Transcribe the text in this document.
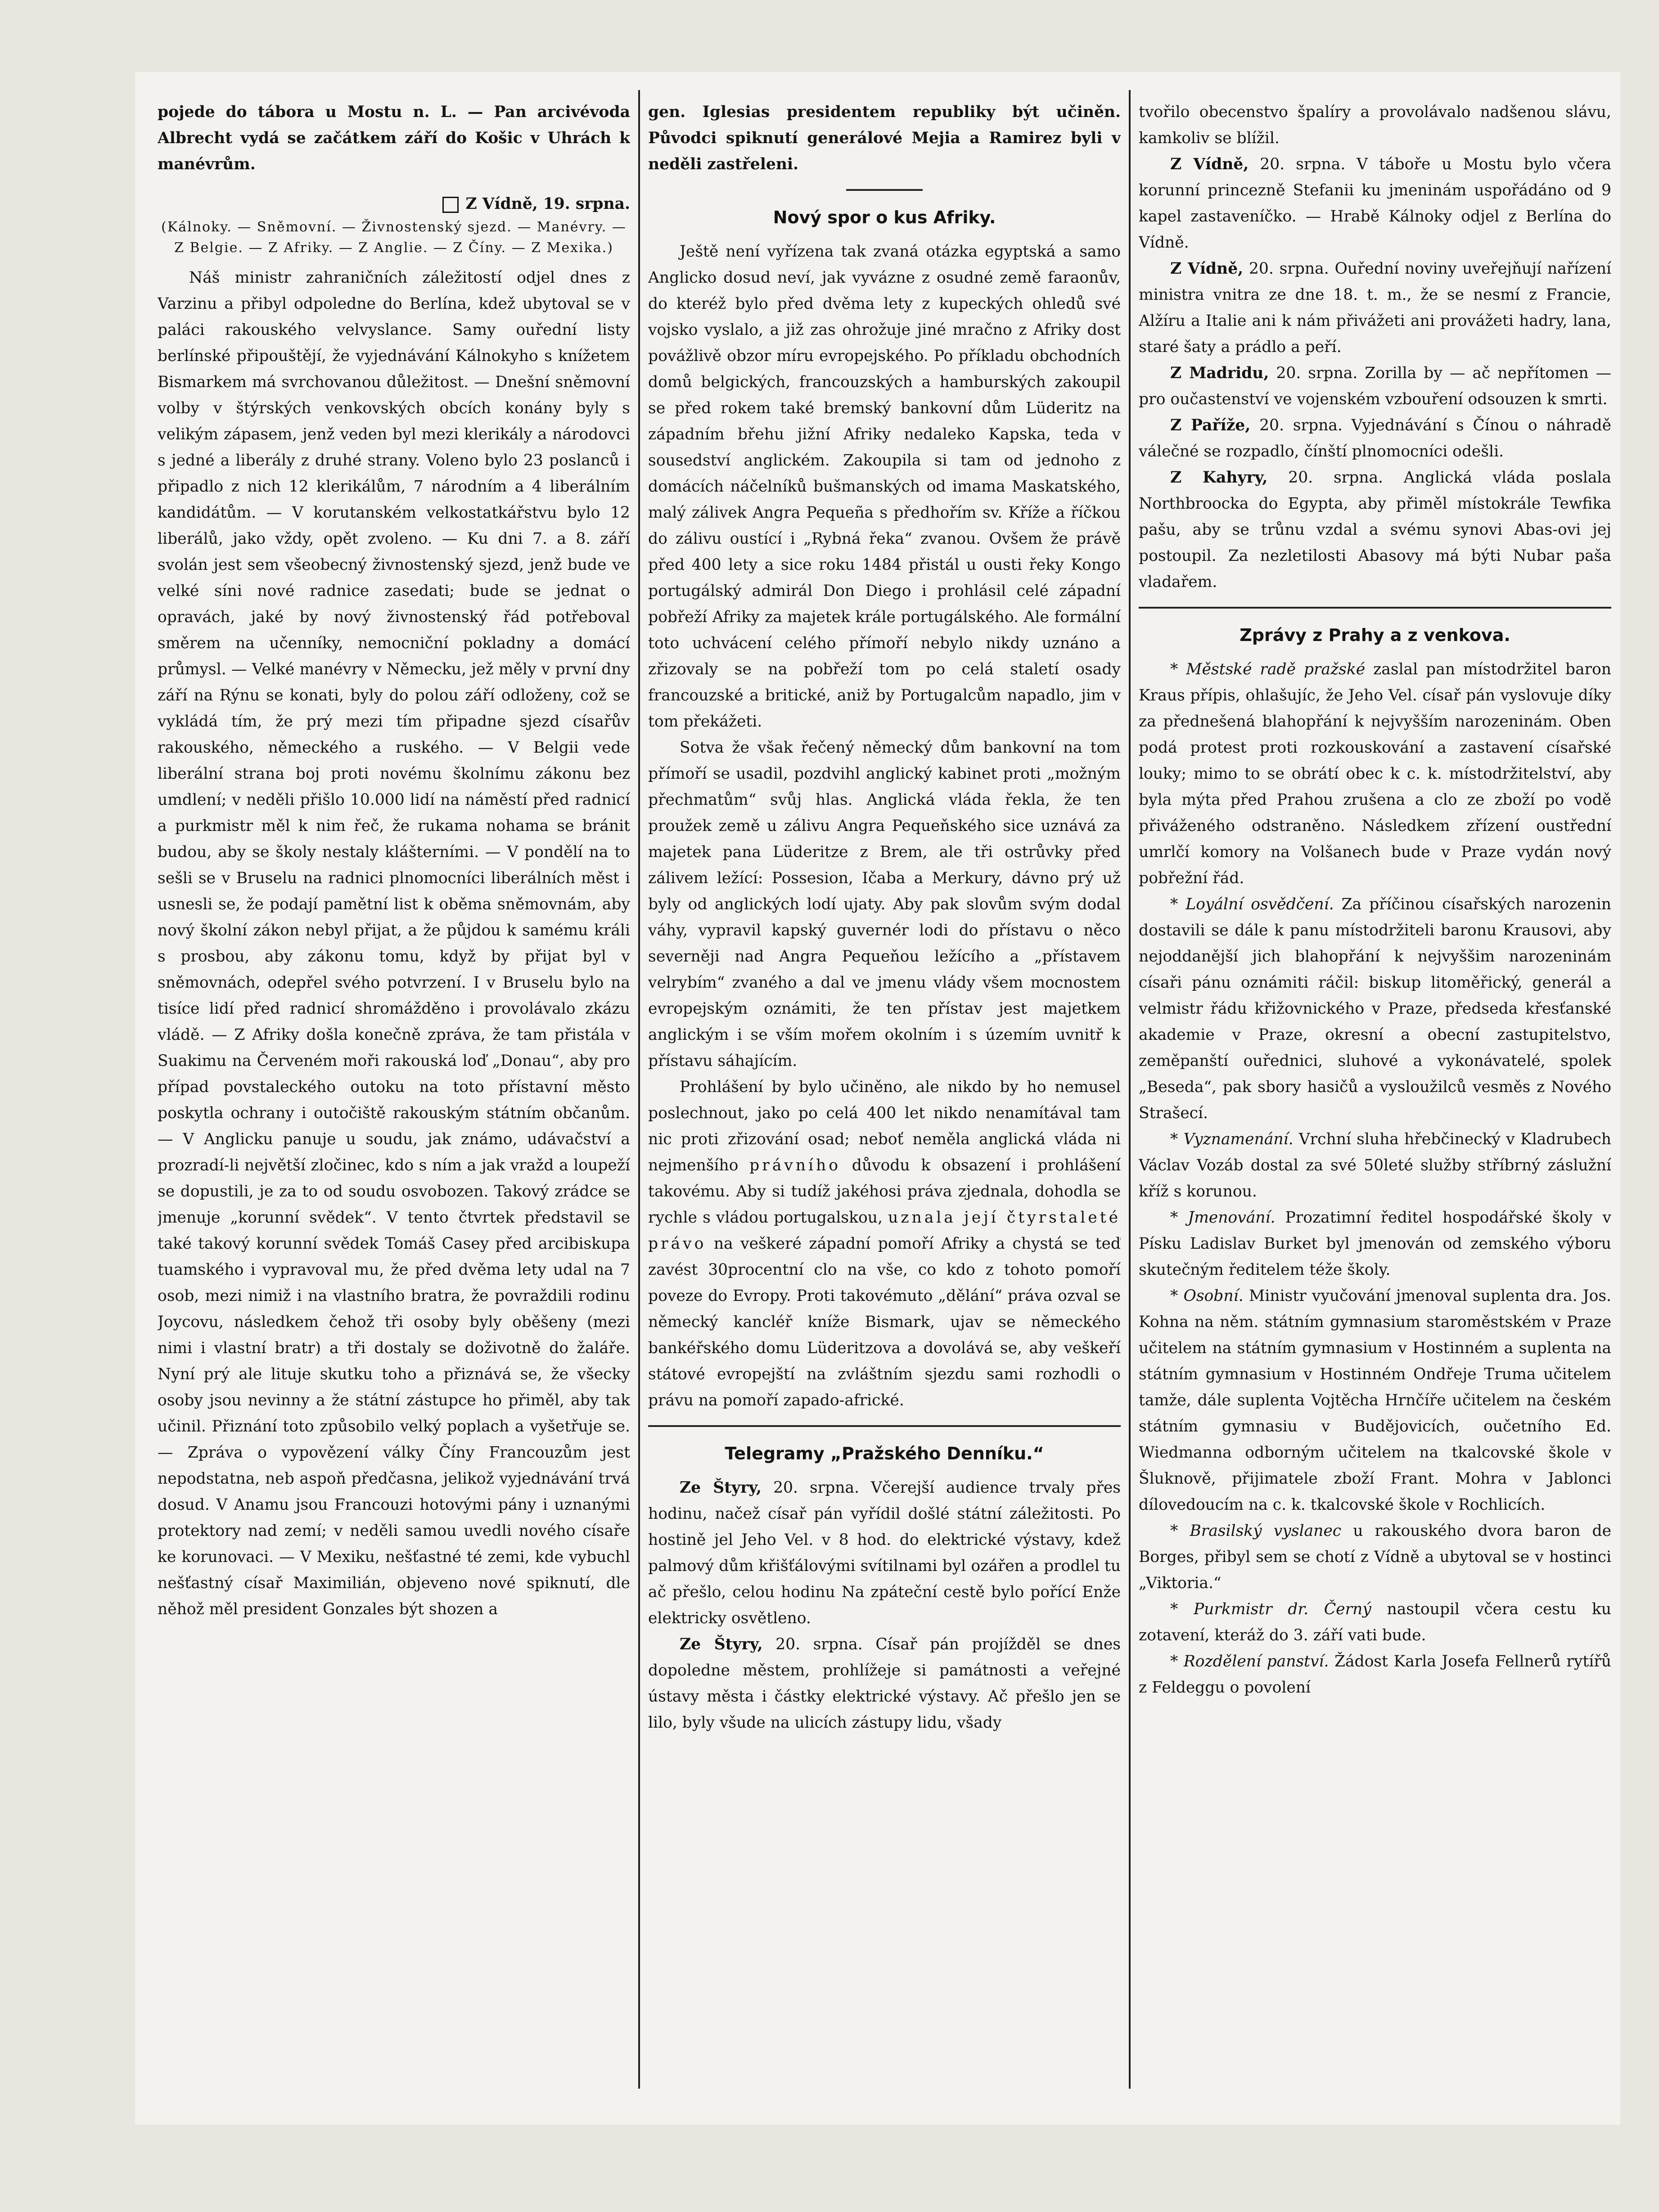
pojede do tábora u Mostu n. L. — Pan arcivévoda Albrecht vydá se začátkem září do Košic v Uhrách k manévrům.

Z Vídně, 19. srpna.

(Kálnoky. — Sněmovní. — Živnostenský sjezd. — Manévry. — Z Belgie. — Z Afriky. — Z Anglie. — Z Číny. — Z Mexika.)

Náš ministr zahraničních záležitostí odjel dnes z Varzinu a přibyl odpoledne do Berlína, kdež ubytoval se v paláci rakouského velvyslance. Samy ouřední listy berlínské připouštějí, že vyjednávání Kálnokyho s knížetem Bismarkem má svrchovanou důležitost. — Dnešní sněmovní volby v štýrských venkovských obcích konány byly s velikým zápasem, jenž veden byl mezi klerikály a národovci s jedné a liberály z druhé strany. Voleno bylo 23 poslanců i připadlo z nich 12 klerikálům, 7 národním a 4 liberálním kandidátům. — V korutanském velkostatkářstvu bylo 12 liberálů, jako vždy, opět zvoleno. — Ku dni 7. a 8. září svolán jest sem všeobecný živnostenský sjezd, jenž bude ve velké síni nové radnice zasedati; bude se jednat o opravách, jaké by nový živnostenský řád potřeboval směrem na učenníky, nemocniční pokladny a domácí průmysl. — Velké manévry v Německu, jež měly v první dny září na Rýnu se konati, byly do polou září odloženy, což se vykládá tím, že prý mezi tím připadne sjezd císařův rakouského, německého a ruského. — V Belgii vede liberální strana boj proti novému školnímu zákonu bez umdlení; v neděli přišlo 10.000 lidí na náměstí před radnicí a purkmistr měl k nim řeč, že rukama nohama se bránit budou, aby se školy nestaly klášterními. — V pondělí na to sešli se v Bruselu na radnici plnomocníci liberálních měst i usnesli se, že podají pamětní list k oběma sněmovnám, aby nový školní zákon nebyl přijat, a že půjdou k samému králi s prosbou, aby zákonu tomu, když by přijat byl v sněmovnách, odepřel svého potvrzení. I v Bruselu bylo na tisíce lidí před radnicí shromážděno i provolávalo zkázu vládě. — Z Afriky došla konečně zpráva, že tam přistála v Suakimu na Červeném moři rakouská loď „Donau“, aby pro případ povstaleckého outoku na toto přístavní město poskytla ochrany i outočiště rakouským státním občanům. — V Anglicku panuje u soudu, jak známo, udávačství a prozradí-li největší zločinec, kdo s ním a jak vražd a loupeží se dopustili, je za to od soudu osvobozen. Takový zrádce se jmenuje „korunní svědek“. V tento čtvrtek představil se také takový korunní svědek Tomáš Casey před arcibiskupa tuamského i vypravoval mu, že před dvěma lety udal na 7 osob, mezi nimiž i na vlastního bratra, že povraždili rodinu Joycovu, následkem čehož tři osoby byly oběšeny (mezi nimi i vlastní bratr) a tři dostaly se doživotně do žaláře. Nyní prý ale lituje skutku toho a přiznává se, že všecky osoby jsou nevinny a že státní zástupce ho přiměl, aby tak učinil. Přiznání toto způsobilo velký poplach a vyšetřuje se. — Zpráva o vypovězení války Číny Francouzům jest nepodstatna, neb aspoň předčasna, jelikož vyjednávání trvá dosud. V Anamu jsou Francouzi hotovými pány i uznanými protektory nad zemí; v neděli samou uvedli nového císaře ke korunovaci. — V Mexiku, nešťastné té zemi, kde vybuchl nešťastný císař Maximilián, objeveno nové spiknutí, dle něhož měl president Gonzales být shozen a

gen. Iglesias presidentem republiky být učiněn. Původci spiknutí generálové Mejia a Ramirez byli v neděli zastřeleni.

Nový spor o kus Afriky.

Ještě není vyřízena tak zvaná otázka egyptská a samo Anglicko dosud neví, jak vyváznе z osudné země faraonův, do kteréž bylo před dvěma lety z kupeckých ohledů své vojsko vyslalo, a již zas ohrožuje jiné mračno z Afriky dost povážlivě obzor míru evropejského. Po příkladu obchodních domů belgických, francouzských a hamburských zakoupil se před rokem také bremský bankovní dům Lüderitz na západním břehu jižní Afriky nedaleko Kapska, teda v sousedství anglickém. Zakoupila si tam od jednoho z domácích náčelníků bušmanských od imama Maskatského, malý zálivek Angra Pequeña s předhořím sv. Kříže a říčkou do zálivu oustící i „Rybná řeka“ zvanou. Ovšem že právě před 400 lety a sice roku 1484 přistál u ousti řeky Kongo portugálský admirál Don Diego i prohlásil celé západní pobřeží Afriky za majetek krále portugálského. Ale formální toto uchvácení celého přímoří nebylo nikdy uznáno a zřizovaly se na pobřeží tom po celá staletí osady francouzské a britické, aniž by Portugalcům napadlo, jim v tom překážeti.

Sotva že však řečený německý dům bankovní na tom přímoří se usadil, pozdvihl anglický kabinet proti „možným přechmatům“ svůj hlas. Anglická vláda řekla, že ten proužek země u zálivu Angra Pequeňského sice uznává za majetek pana Lüderitze z Brem, ale tři ostrůvky před zálivem ležící: Possesion, Ičaba a Merkury, dávno prý už byly od anglických lodí ujaty. Aby pak slovům svým dodal váhy, vypravil kapský guvernér lodi do přístavu o něco severněji nad Angra Pequeňou ležícího a „přístavem velrybím“ zvaného a dal ve jmenu vlády všem mocnostem evropejským oznámiti, že ten přístav jest majetkem anglickým i se vším mořem okolním i s územím uvnitř k přístavu sáhajícím.

Prohlášení by bylo učiněno, ale nikdo by ho nemusel poslechnout, jako po celá 400 let nikdo nenamítával tam nic proti zřizování osad; neboť neměla anglická vláda ni nejmenšího právního důvodu k obsazení i prohlášení takovému. Aby si tudíž jakéhosi práva zjednala, dohodla se rychle s vládou portugalskou, uznala její čtyrstaleté právo na veškeré západní pomoří Afriky a chystá se teď zavést 30procentní clo na vše, co kdo z tohoto pomoří poveze do Evropy. Proti takovémuto „dělání“ práva ozval se německý kancléř kníže Bismark, ujav se německého bankéřského domu Lüderitzova a dovolává se, aby veškeří státové evropejští na zvláštním sjezdu sami rozhodli o právu na pomoří zapado-africké.

Telegramy „Pražského Denníku.“

Ze Štyry, 20. srpna. Včerejší audience trvaly přes hodinu, načež císař pán vyřídil došlé státní záležitosti. Po hostině jel Jeho Vel. v 8 hod. do elektrické výstavy, kdež palmový dům křišťálovými svítilnami byl ozářen a prodlel tu ač přešlo, celou hodinu Na zpáteční cestě bylo pořící Enže elektricky osvětleno.

Ze Štyry, 20. srpna. Císař pán projížděl se dnes dopoledne městem, prohlížeje si památnosti a veřejné ústavy města i částky elektrické výstavy. Ač přešlo jen se lilo, byly všude na ulicích zástupy lidu, všady

tvořilo obecenstvo špalíry a provolávalo nadšenou slávu, kamkoliv se blížil.

Z Vídně, 20. srpna. V táboře u Mostu bylo včera korunní princezně Stefanii ku jmeninám uspořádáno od 9 kapel zastaveníčko. — Hrabě Kálnoky odjel z Berlína do Vídně.

Z Vídně, 20. srpna. Ouřední noviny uveřejňují nařízení ministra vnitra ze dne 18. t. m., že se nesmí z Francie, Alžíru a Italie ani k nám přivážeti ani provážeti hadry, lana, staré šaty a prádlo a peří.

Z Madridu, 20. srpna. Zorilla by — ač nepřítomen — pro oučastenství ve vojenském vzbouření odsouzen k smrti.

Z Paříže, 20. srpna. Vyjednávání s Čínou o náhradě válečné se rozpadlo, čínští plnomocníci odešli.

Z Kahyry, 20. srpna. Anglická vláda poslala Northbroocka do Egypta, aby přiměl místokrále Tewfika pašu, aby se trůnu vzdal a svému synovi Abas-ovi jej postoupil. Za nezletilosti Abasovy má býti Nubar paša vladařem.

Zprávy z Prahy a z venkova.

* Městské radě pražské zaslal pan místodržitel baron Kraus přípis, ohlašujíc, že Jeho Vel. císař pán vyslovuje díky za přednešená blahopřání k nejvyšším narozeninám. Oben podá protest proti rozkouskování a zastavení císařské louky; mimo to se obrátí obec k c. k. místodržitelství, aby byla mýta před Prahou zrušena a clo ze zboží po vodě přiváženého odstraněno. Následkem zřízení oustřední umrlčí komory na Volšanech bude v Praze vydán nový pobřežní řád.

* Loyální osvědčení. Za příčinou císařských narozenin dostavili se dále k panu místodržiteli baronu Krausovi, aby nejoddanější jich blahopřání k nejvyššim narozeninám císaři pánu oznámiti ráčil: biskup litoměřický, generál a velmistr řádu křižovnického v Praze, předseda křesťanské akademie v Praze, okresní a obecní zastupitelstvo, zeměpanští ouřednici, sluhové a vykonávatelé, spolek „Beseda“, pak sbory hasičů a vysloužilců vesměs z Nového Strašecí.

* Vyznamenání. Vrchní sluha hřebčinecký v Kladrubech Václav Vozáb dostal za své 50leté služby stříbrný záslužní kříž s korunou.

* Jmenování. Prozatimní ředitel hospodářské školy v Písku Ladislav Burket byl jmenován od zemského výboru skutečným ředitelem téže školy.

* Osobní. Ministr vyučování jmenoval suplenta dra. Jos. Kohna na něm. státním gymnasium staroměstském v Praze učitelem na státním gymnasium v Hostinném a suplenta na státním gymnasium v Hostinném Ondřeje Truma učitelem tamže, dále suplenta Vojtěcha Hrnčíře učitelem na českém státním gymnasiu v Budějovicích, oučetního Ed. Wiedmanna odborným učitelem na tkalcovské škole v Šluknově, přijimatele zboží Frant. Mohra v Jablonci dílovedoucím na c. k. tkalcovské škole v Rochlicích.

* Brasilský vyslanec u rakouského dvora baron de Borges, přibyl sem se chotí z Vídně a ubytoval se v hostinci „Viktoria.“

* Purkmistr dr. Černý nastoupil včera cestu ku zotavení, kteráž do 3. září vati bude.

* Rozdělení panství. Žádost Karla Josefa Fellnerů rytířů z Feldeggu o povolení
